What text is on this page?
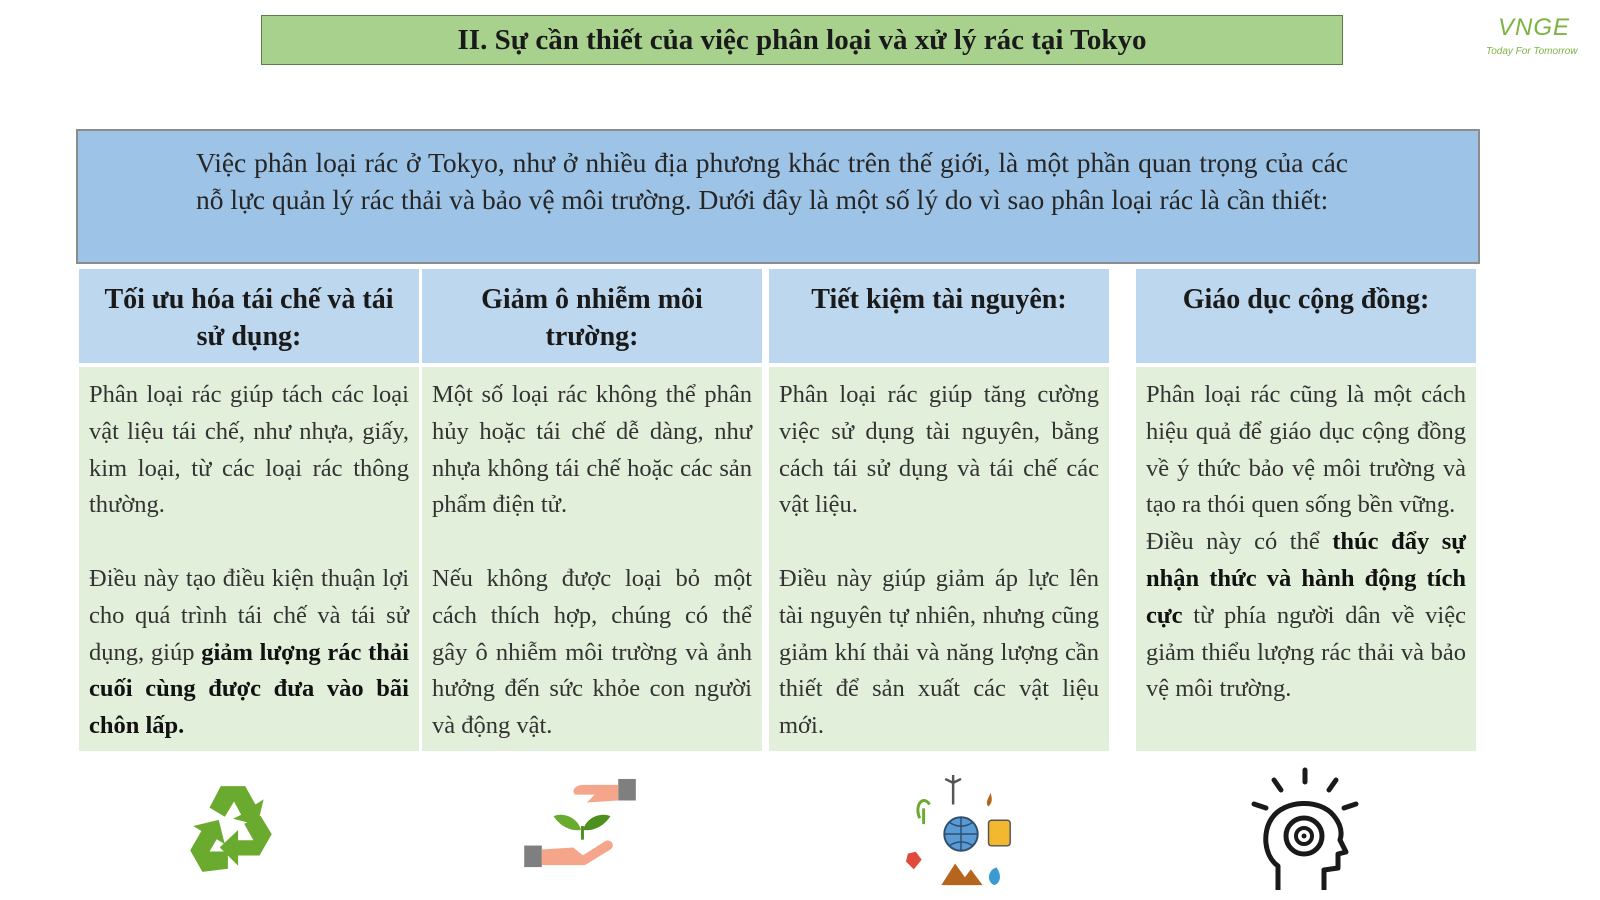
II. Sự cần thiết của việc phân loại và xử lý rác tại Tokyo	VNGE
Today For Tomorrow
Việc phân loại rác ở Tokyo, như ở nhiều địa phương khác trên thế giới, là một phần quan trọng của các nỗ lực quản lý rác thải và bảo vệ môi trường. Dưới đây là một số lý do vì sao phân loại rác là cần thiết:
Tối ưu hóa tái chế và tái sử dụng:

Phân loại rác giúp tách các loại vật liệu tái chế, như nhựa, giấy, kim loại, từ các loại rác thông thường.

Điều này tạo điều kiện thuận lợi cho quá trình tái chế và tái sử dụng, giúp giảm lượng rác thải cuối cùng được đưa vào bãi chôn lấp.

Giảm ô nhiễm môi trường:

Một số loại rác không thể phân hủy hoặc tái chế dễ dàng, như nhựa không tái chế hoặc các sản phẩm điện tử.

Nếu không được loại bỏ một cách thích hợp, chúng có thể gây ô nhiễm môi trường và ảnh hưởng đến sức khỏe con người và động vật.

Tiết kiệm tài nguyên:

Phân loại rác giúp tăng cường việc sử dụng tài nguyên, bằng cách tái sử dụng và tái chế các vật liệu.

Điều này giúp giảm áp lực lên tài nguyên tự nhiên, nhưng cũng giảm khí thải và năng lượng cần thiết để sản xuất các vật liệu mới.

Giáo dục cộng đồng:

Phân loại rác cũng là một cách hiệu quả để giáo dục cộng đồng về ý thức bảo vệ môi trường và tạo ra thói quen sống bền vững.

Điều này có thể thúc đẩy sự nhận thức và hành động tích cực từ phía người dân về việc giảm thiểu lượng rác thải và bảo vệ môi trường.
